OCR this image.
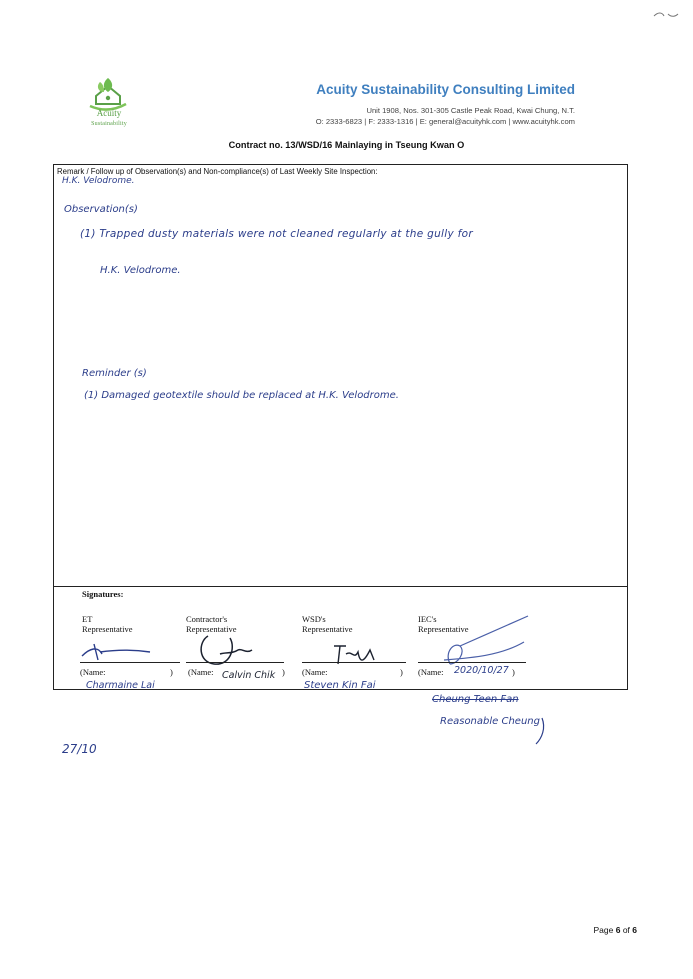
Acuity
Sustainability
Acuity Sustainability Consulting Limited
Unit 1908, Nos. 301-305 Castle Peak Road, Kwai Chung, N.T.
O: 2333-6823 | F: 2333-1316 | E: general@acuityhk.com | www.acuityhk.com
Contract no. 13/WSD/16 Mainlaying in Tseung Kwan O
Remark / Follow up of Observation(s) and Non-compliance(s) of Last Weekly Site Inspection:
H.K. Velodrome.
Observation(s)
(1) Trapped dusty materials were not cleaned regularly at the gully for
H.K. Velodrome.
Reminder (s)
(1) Damaged geotextile should be replaced at H.K. Velodrome.
Signatures:
ET
Representative
(Name:	)
Charmaine Lai
Contractor's
Representative
(Name:	)
Calvin Chik
WSD's
Representative
(Name:	)
Steven Kin Fai
IEC's
Representative
(Name: 2020/10/27 )
Cheung Teen Fan
Reasonable Cheung
27/10
Page 6 of 6
